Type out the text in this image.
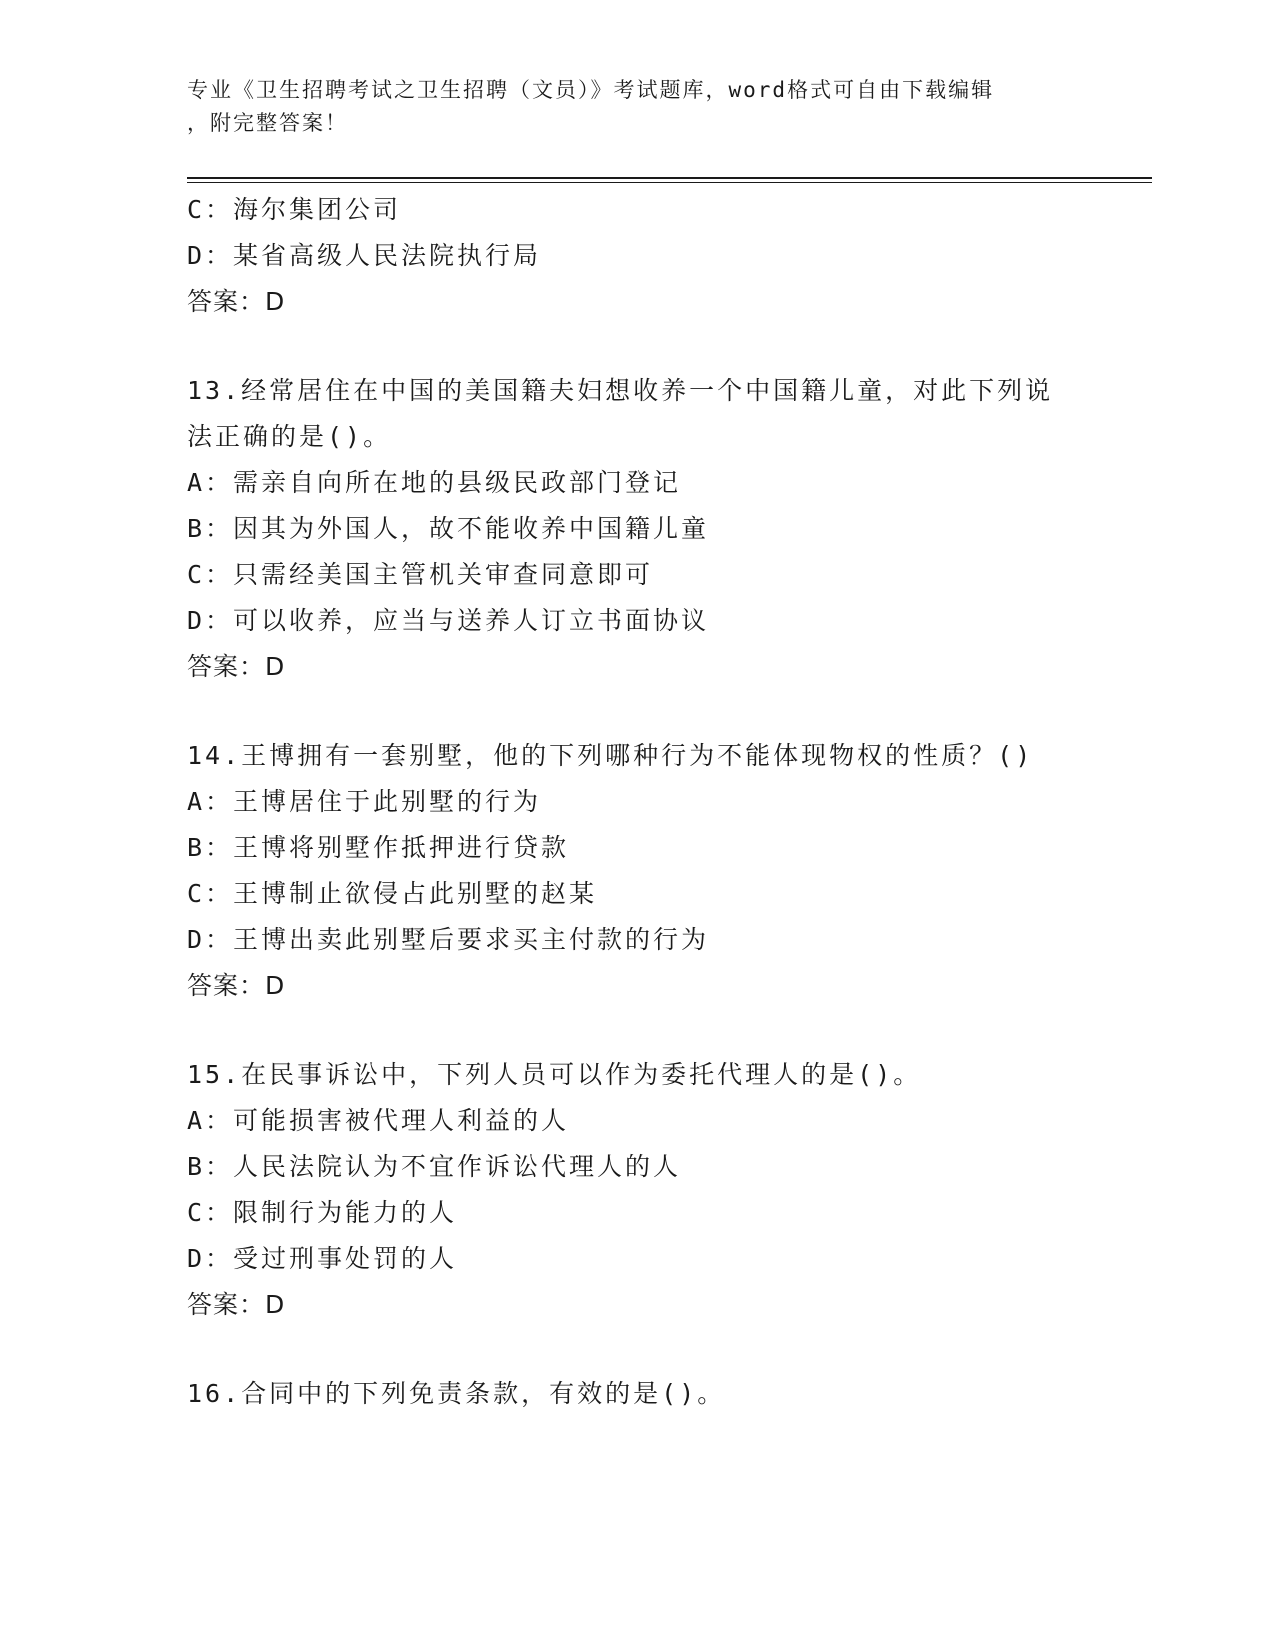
专业《卫生招聘考试之卫生招聘（文员）》考试题库，word格式可自由下载编辑
，附完整答案！
C：海尔集团公司
D：某省高级人民法院执行局
答案：D
13.经常居住在中国的美国籍夫妇想收养一个中国籍儿童，对此下列说
法正确的是()。
A：需亲自向所在地的县级民政部门登记
B：因其为外国人，故不能收养中国籍儿童
C：只需经美国主管机关审查同意即可
D：可以收养，应当与送养人订立书面协议
答案：D
14.王博拥有一套别墅，他的下列哪种行为不能体现物权的性质？()
A：王博居住于此别墅的行为
B：王博将别墅作抵押进行贷款
C：王博制止欲侵占此别墅的赵某
D：王博出卖此别墅后要求买主付款的行为
答案：D
15.在民事诉讼中，下列人员可以作为委托代理人的是()。
A：可能损害被代理人利益的人
B：人民法院认为不宜作诉讼代理人的人
C：限制行为能力的人
D：受过刑事处罚的人
答案：D
16.合同中的下列免责条款，有效的是()。
